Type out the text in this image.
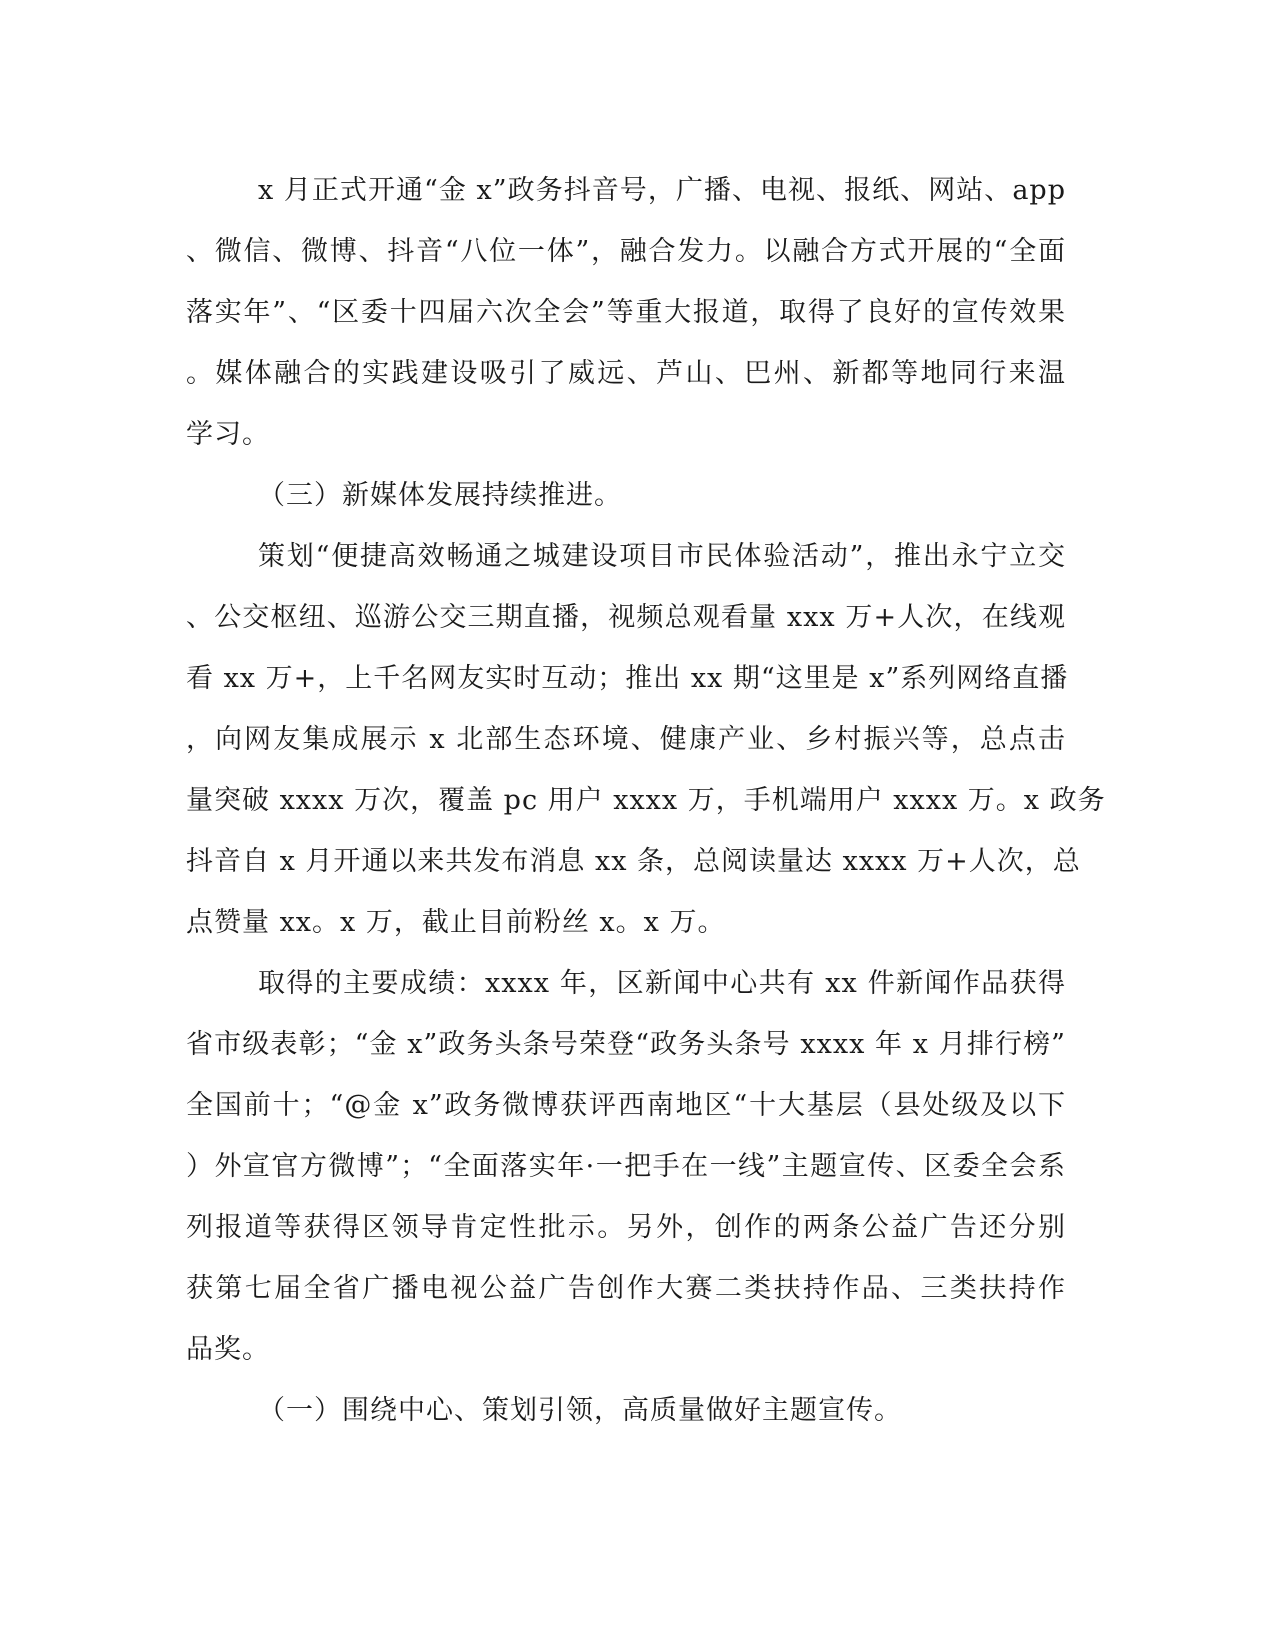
x 月正式开通“金 x”政务抖音号，广播、电视、报纸、网站、app
、微信、微博、抖音“八位一体”，融合发力。以融合方式开展的“全面
落实年”、“区委十四届六次全会”等重大报道，取得了良好的宣传效果
。媒体融合的实践建设吸引了威远、芦山、巴州、新都等地同行来温
学习。
（三）新媒体发展持续推进。
策划“便捷高效畅通之城建设项目市民体验活动”，推出永宁立交
、公交枢纽、巡游公交三期直播，视频总观看量 xxx 万+人次，在线观
看 xx 万+，上千名网友实时互动；推出 xx 期“这里是 x”系列网络直播
，向网友集成展示 x 北部生态环境、健康产业、乡村振兴等，总点击
量突破 xxxx 万次，覆盖 pc 用户 xxxx 万，手机端用户 xxxx 万。x 政务
抖音自 x 月开通以来共发布消息 xx 条，总阅读量达 xxxx 万+人次，总
点赞量 xx。x 万，截止目前粉丝 x。x 万。
取得的主要成绩：xxxx 年，区新闻中心共有 xx 件新闻作品获得
省市级表彰；“金 x”政务头条号荣登“政务头条号 xxxx 年 x 月排行榜”
全国前十；“@金 x”政务微博获评西南地区“十大基层（县处级及以下
）外宣官方微博”；“全面落实年·一把手在一线”主题宣传、区委全会系
列报道等获得区领导肯定性批示。另外，创作的两条公益广告还分别
获第七届全省广播电视公益广告创作大赛二类扶持作品、三类扶持作
品奖。
（一）围绕中心、策划引领，高质量做好主题宣传。
